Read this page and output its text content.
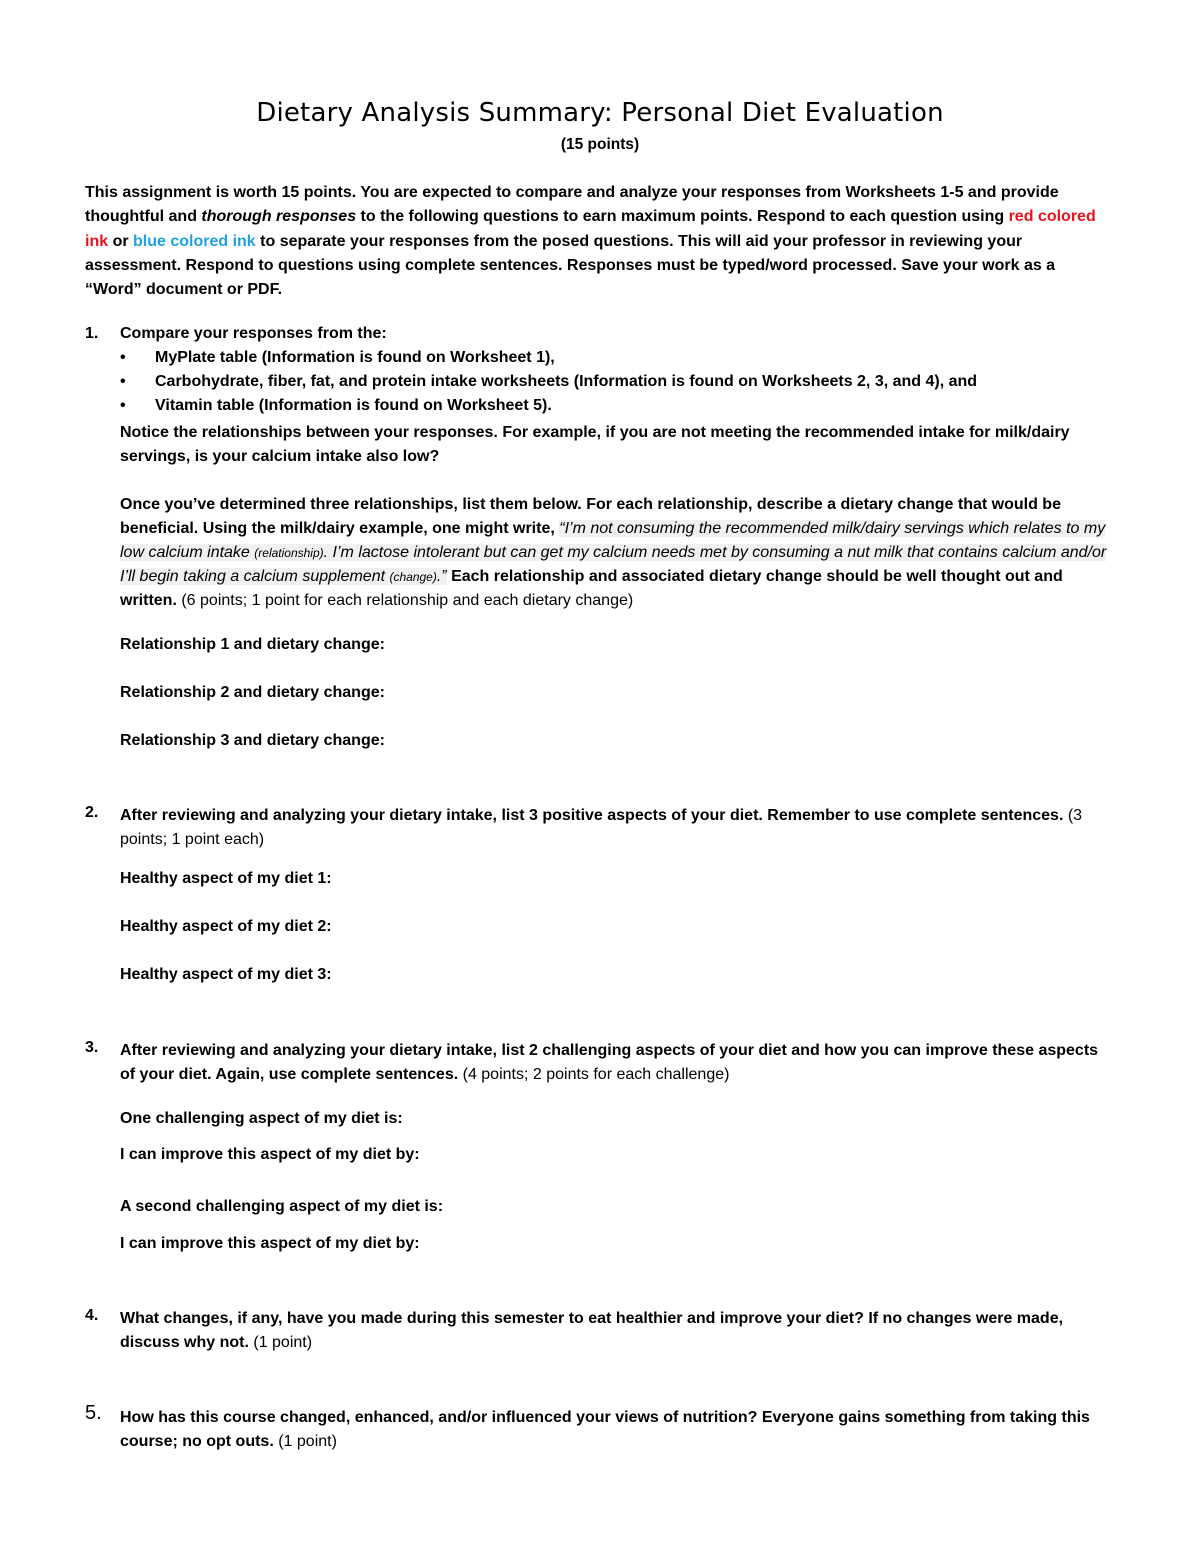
Dietary Analysis Summary: Personal Diet Evaluation
(15 points)
This assignment is worth 15 points. You are expected to compare and analyze your responses from Worksheets 1-5 and provide thoughtful and thorough responses to the following questions to earn maximum points. Respond to each question using red colored ink or blue colored ink to separate your responses from the posed questions. This will aid your professor in reviewing your assessment. Respond to questions using complete sentences. Responses must be typed/word processed. Save your work as a “Word” document or PDF.
1. Compare your responses from the:
• MyPlate table (Information is found on Worksheet 1),
• Carbohydrate, fiber, fat, and protein intake worksheets (Information is found on Worksheets 2, 3, and 4), and
• Vitamin table (Information is found on Worksheet 5).
Notice the relationships between your responses. For example, if you are not meeting the recommended intake for milk/dairy servings, is your calcium intake also low?
Once you’ve determined three relationships, list them below. For each relationship, describe a dietary change that would be beneficial. Using the milk/dairy example, one might write, “I’m not consuming the recommended milk/dairy servings which relates to my low calcium intake (relationship). I’m lactose intolerant but can get my calcium needs met by consuming a nut milk that contains calcium and/or I’ll begin taking a calcium supplement (change).” Each relationship and associated dietary change should be well thought out and written. (6 points; 1 point for each relationship and each dietary change)
Relationship 1 and dietary change:
Relationship 2 and dietary change:
Relationship 3 and dietary change:
2. After reviewing and analyzing your dietary intake, list 3 positive aspects of your diet. Remember to use complete sentences. (3 points; 1 point each)
Healthy aspect of my diet 1:
Healthy aspect of my diet 2:
Healthy aspect of my diet 3:
3. After reviewing and analyzing your dietary intake, list 2 challenging aspects of your diet and how you can improve these aspects of your diet. Again, use complete sentences. (4 points; 2 points for each challenge)
One challenging aspect of my diet is:
I can improve this aspect of my diet by:
A second challenging aspect of my diet is:
I can improve this aspect of my diet by:
4. What changes, if any, have you made during this semester to eat healthier and improve your diet? If no changes were made, discuss why not. (1 point)
5. How has this course changed, enhanced, and/or influenced your views of nutrition? Everyone gains something from taking this course; no opt outs. (1 point)
